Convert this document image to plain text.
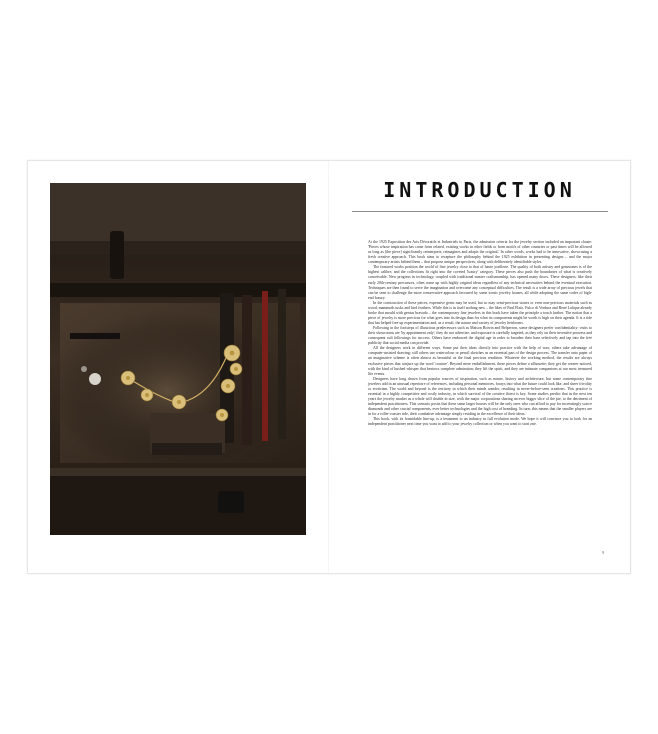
INTRODUCTION

At the 1925 Exposition des Arts Décoratifs et Industriels in Paris, the admission criteria for the jewelry section included an important clause: 'Pieces whose inspiration has come from related, existing works in other fields or from motifs of other countries or past times will be allowed as long as [the piece] significantly reinterprets, reimagines and adapts the original.' In other words, works had to be innovative, showcasing a fresh creative approach. This book aims to recapture the philosophy behind the 1925 exhibition in presenting designs – and the major contemporary artists behind them – that propose unique perspectives, along with deliberately identifiable styles.

The featured works position the world of fine jewelry close to that of haute joaillerie. The quality of both artistry and gemstones is of the highest calibre, and the collections fit right into the coveted 'luxury' category. These pieces also push the boundaries of what is creatively conceivable. New progress in technology, coupled with traditional master craftsmanship, has opened many doors. These designers, like their early 20th-century precursors, often come up with highly original ideas regardless of any technical necessities behind the eventual execution. Techniques are then found to serve the imagination and overcome any conceptual difficulties. The result is a wide array of precious jewels that can be seen to challenge the more conservative approach favoured by some iconic jewelry houses, all while adopting the same codes of high-end luxury.

In the construction of these pieces, expensive gems may be used, but so may semi-precious stones or even non-precious materials such as wood, mammoth tusks and bird feathers. While this is in itself nothing new – the likes of Paul Flato, Fulco di Verdura and René Lalique already broke that mould with genius bravado – the contemporary fine jewelers in this book have taken the principle a touch further. The notion that a piece of jewelry is more precious for what goes into its design than for what its components might be worth is high on their agenda. It is a tide that has helped free up experimentation and, as a result, the nature and variety of jewelry heirlooms.

Following in the footsteps of illustrious predecessors such as Maison Boivin and Belperron, some designers prefer confidentiality: visits to their showrooms are 'by appointment only'; they do not advertise, and exposure is carefully targeted, as they rely on their inventive prowess and consequent cult followings for success. Others have embraced the digital age in order to broaden their base selectively and tap into the free publicity that social media can provide.

All the designers work in different ways. Some put their ideas directly into practice with the help of wax; others take advantage of computer-assisted drawing; still others use watercolour or pencil sketches as an essential part of the design process. The transfer onto paper of an imaginative scheme is often almost as beautiful as the final precious rendition. Whatever the working method, the results are always exclusive pieces that conjure up the word 'couture'. Beyond mere embellishment, these pieces define a silhouette; they get the wearer noticed, with the kind of hushed whisper that bestows complete admiration; they lift the spirit, and they are intimate companions at our most treasured life events.

Designers have long drawn from popular sources of inspiration, such as nature, history and architecture, but some contemporary fine jewelers add in an unusual repertoire of references, including personal memories, forays into what the future could look like, and sheer frivolity or eroticism. The world and beyond is the territory in which their minds wander, resulting in never-before-seen creations. This practice is essential in a highly competitive and costly industry, in which survival of the creative fittest is key. Some studies predict that in the next ten years the jewelry market as a whole will double in size, with the major corporations sharing an ever bigger slice of the pie, to the detriment of independent practitioners. This scenario posits that these same larger houses will be the only ones who can afford to pay for increasingly scarce diamonds and other crucial components, ever better technologies and the high cost of branding. In turn, this means that the smaller players are in for a roller-coaster ride, their combative advantage simply residing in the excellence of their ideas.

This book, with its formidable line-up, is a testament to an industry in full evolution mode. We hope it will convince you to look for an independent practitioner next time you want to add to your jewelry collection or when you want to start one.

9
